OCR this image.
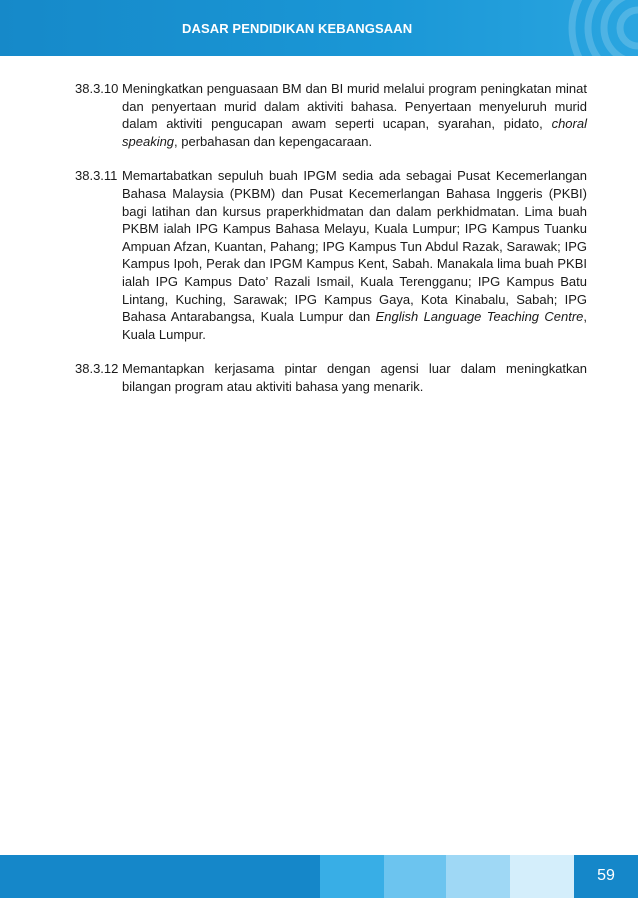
DASAR PENDIDIKAN KEBANGSAAN
38.3.10 Meningkatkan penguasaan BM dan BI murid melalui program peningkatan minat dan penyertaan murid dalam aktiviti bahasa. Penyertaan menyeluruh murid dalam aktiviti pengucapan awam seperti ucapan, syarahan, pidato, choral speaking, perbahasan dan kepengacaraan.
38.3.11 Memartabatkan sepuluh buah IPGM sedia ada sebagai Pusat Kecemerlangan Bahasa Malaysia (PKBM) dan Pusat Kecemerlangan Bahasa Inggeris (PKBI) bagi latihan dan kursus praperkhidmatan dan dalam perkhidmatan. Lima buah PKBM ialah IPG Kampus Bahasa Melayu, Kuala Lumpur; IPG Kampus Tuanku Ampuan Afzan, Kuantan, Pahang; IPG Kampus Tun Abdul Razak, Sarawak; IPG Kampus Ipoh, Perak dan IPGM Kampus Kent, Sabah. Manakala lima buah PKBI ialah IPG Kampus Dato’ Razali Ismail, Kuala Terengganu; IPG Kampus Batu Lintang, Kuching, Sarawak; IPG Kampus Gaya, Kota Kinabalu, Sabah; IPG Bahasa Antarabangsa, Kuala Lumpur dan English Language Teaching Centre, Kuala Lumpur.
38.3.12 Memantapkan kerjasama pintar dengan agensi luar dalam meningkatkan bilangan program atau aktiviti bahasa yang menarik.
59
